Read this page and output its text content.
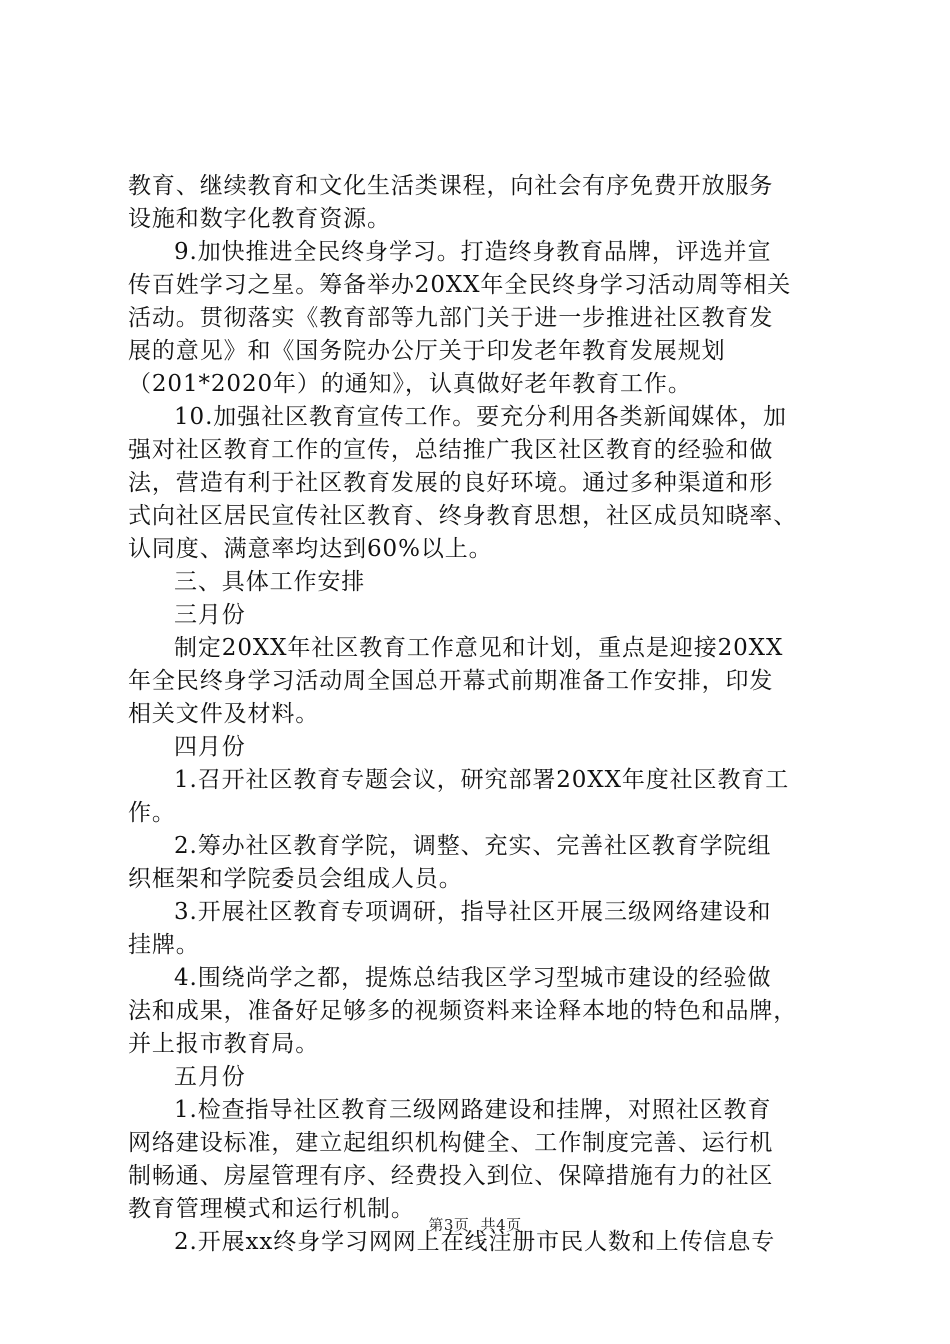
教育、继续教育和文化生活类课程，向社会有序免费开放服务
设施和数字化教育资源。
9.加快推进全民终身学习。打造终身教育品牌，评选并宣
传百姓学习之星。筹备举办20XX年全民终身学习活动周等相关
活动。贯彻落实《教育部等九部门关于进一步推进社区教育发
展的意见》和《国务院办公厅关于印发老年教育发展规划
（201*2020年）的通知》，认真做好老年教育工作。
10.加强社区教育宣传工作。要充分利用各类新闻媒体，加
强对社区教育工作的宣传，总结推广我区社区教育的经验和做
法，营造有利于社区教育发展的良好环境。通过多种渠道和形
式向社区居民宣传社区教育、终身教育思想，社区成员知晓率、
认同度、满意率均达到60%以上。
三、具体工作安排
三月份
制定20XX年社区教育工作意见和计划，重点是迎接20XX
年全民终身学习活动周全国总开幕式前期准备工作安排，印发
相关文件及材料。
四月份
1.召开社区教育专题会议，研究部署20XX年度社区教育工
作。
2.筹办社区教育学院，调整、充实、完善社区教育学院组
织框架和学院委员会组成人员。
3.开展社区教育专项调研，指导社区开展三级网络建设和
挂牌。
4.围绕尚学之都，提炼总结我区学习型城市建设的经验做
法和成果，准备好足够多的视频资料来诠释本地的特色和品牌，
并上报市教育局。
五月份
1.检查指导社区教育三级网路建设和挂牌，对照社区教育
网络建设标准，建立起组织机构健全、工作制度完善、运行机
制畅通、房屋管理有序、经费投入到位、保障措施有力的社区
教育管理模式和运行机制。
2.开展xx终身学习网网上在线注册市民人数和上传信息专
第3页 共4页
